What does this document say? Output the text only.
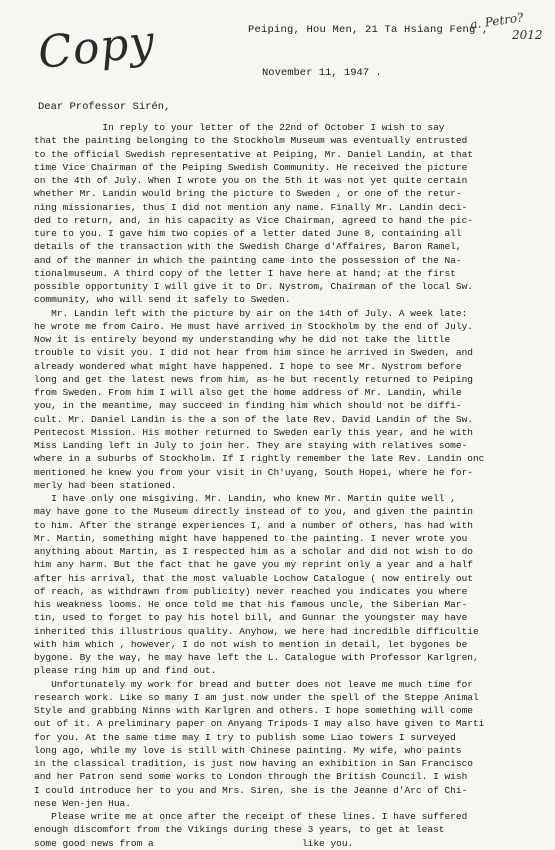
Copy	a. Petro?
2012
Peiping, Hou Men, 21 Ta Hsiang Feng ,
November 11, 1947 .
Dear Professor Sirén,
In reply to your letter of the 22nd of October I wish to say
that the painting belonging to the Stockholm Museum was eventually entrusted
to the official Swedish representative at Peiping, Mr. Daniel Landin, at that
time Vice Chairman of the Peiping Swedish Community. He received the picture
on the 4th of July. When I wrote you on the 5th it was not yet quite certain
whether Mr. Landin would bring the picture to Sweden , or one of the retur-
ning missionaries, thus I did not mention any name. Finally Mr. Landin deci-
ded to return, and, in his capacity as Vice Chairman, agreed to hand the pic-
ture to you. I gave him two copies of a letter dated June 8, containing all
details of the transaction with the Swedish Charge d'Affaires, Baron Ramel,
and of the manner in which the painting came into the possession of the Na-
tionalmuseum. A third copy of the letter I have here at hand; at the first
possible opportunity I will give it to Dr. Nystrom, Chairman of the local Sw.
community, who will send it safely to Sweden.
Mr. Landin left with the picture by air on the 14th of July. A week late:
he wrote me from Cairo. He must have arrived in Stockholm by the end of July.
Now it is entirely beyond my understanding why he did not take the little
trouble to visit you. I did not hear from him since he arrived in Sweden, and
already wondered what might have happened. I hope to see Mr. Nystrom before
long and get the latest news from him, as he but recently returned to Peiping
from Sweden. From him I will also get the home address of Mr. Landin, while
you, in the meantime, may succeed in finding him which should not be diffi-
cult. Mr. Daniel Landin is the a son of the late Rev. David Landin of the Sw.
Pentecost Mission. His mother returned to Sweden early this year, and he with
Miss Landing left in July to join her. They are staying with relatives some-
where in a suburbs of Stockholm. If I rightly remember the late Rev. Landin onc
mentioned he knew you from your visit in Ch'uyang, South Hopei, where he for-
merly had been stationed.
I have only one misgiving. Mr. Landin, who knew Mr. Martin quite well ,
may have gone to the Museum directly instead of to you, and given the paintin
to him. After the strange experiences I, and a number of others, has had with
Mr. Martin, something might have happened to the painting. I never wrote you
anything about Martin, as I respected him as a scholar and did not wish to do
him any harm. But the fact that he gave you my reprint only a year and a half
after his arrival, that the most valuable Lochow Catalogue ( now entirely out
of reach, as withdrawn from publicity) never reached you indicates you where
his weakness looms. He once told me that his famous uncle, the Siberian Mar-
tin, used to forget to pay his hotel bill, and Gunnar the youngster may have
inherited this illustrious quality. Anyhow, we here had incredible difficultie
with him which , however, I do not wish to mention in detail, let bygones be
bygone. By the way, he may have left the L. Catalogue with Professor Karlgren,
please ring him up and find out.
Unfortunately my work for bread and butter does not leave me much time for
research work. Like so many I am just now under the spell of the Steppe Animal
Style and grabbing Ninns with Karlgren and others. I hope something will come
out of it. A preliminary paper on Anyang Tripods I may also have given to Marti
for you. At the same time may I try to publish some Liao towers I surveyed
long ago, while my love is still with Chinese painting. My wife, who paints
in the classical tradition, is just now having an exhibition in San Francisco
and her Patron send some works to London through the British Council. I wish
I could introduce her to you and Mrs. Siren, she is the Jeanne d'Arc of Chi-
nese Wen-jen Hua.
Please write me at once after the receipt of these lines. I have suffered
enough discomfort from the Vikings during these 3 years, to get at least
some good news from a                          like you.
